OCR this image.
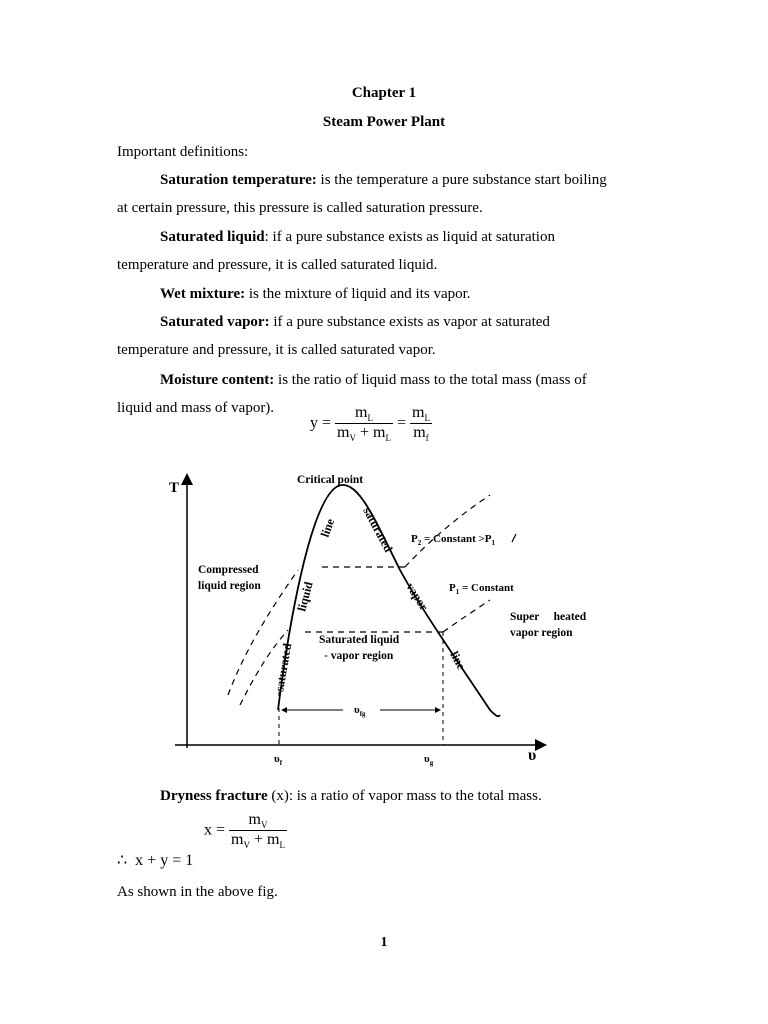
Chapter 1
Steam Power Plant
Important definitions:
Saturation temperature: is the temperature a pure substance start boiling
at certain pressure, this pressure is called saturation pressure.
Saturated liquid: if a pure substance exists as liquid at saturation
temperature and pressure, it is called saturated liquid.
Wet mixture: is the mixture of liquid and its vapor.
Saturated vapor: if a pure substance exists as vapor at saturated
temperature and pressure, it is called saturated vapor.
Moisture content: is the ratio of liquid mass to the total mass (mass of
liquid and mass of vapor).
$y = \frac{m_L}{m_V + m_L} = \frac{m_L}{m_f}$
T
υ
Critical point
$\upsilon_{fg}$
$\upsilon_f$	$\upsilon_g$
Compressed liquid region
Super     heated vapor region
Saturated liquid - vapor region
$P_2$ = Constant $>P_1$
$P_1$ = Constant
saturated
liquid
line saturated
vapor
line
Dryness fracture (x): is a ratio of vapor mass to the total mass.
$x = \frac{m_V}{m_V + m_L}$
∴  x + y = 1
As shown in the above fig.
1
